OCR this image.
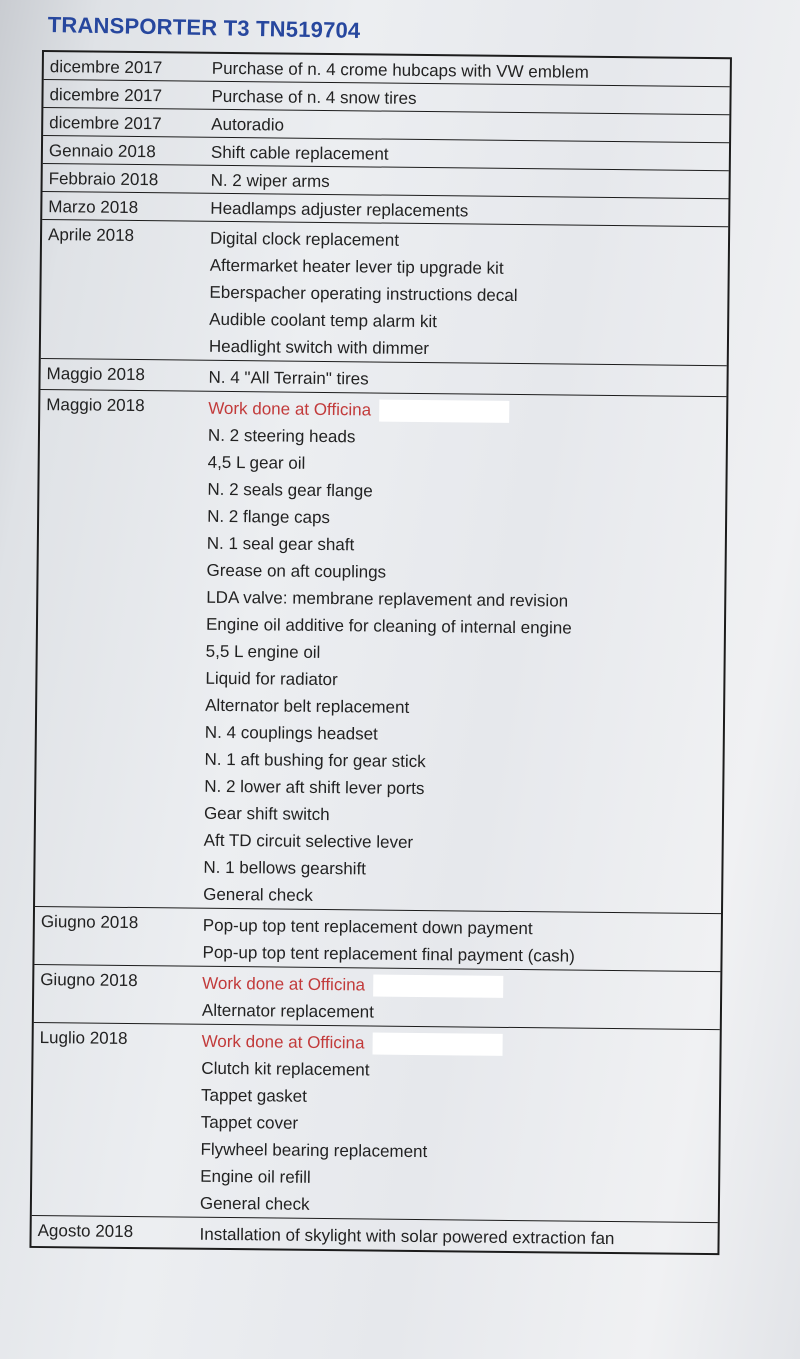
TRANSPORTER T3 TN519704
dicembre 2017	Purchase of n. 4 crome hubcaps with VW emblem
dicembre 2017	Purchase of n. 4 snow tires
dicembre 2017	Autoradio
Gennaio 2018	Shift cable replacement
Febbraio 2018	N. 2 wiper arms
Marzo 2018	Headlamps adjuster replacements
Aprile 2018	Digital clock replacement
Aftermarket heater lever tip upgrade kit
Eberspacher operating instructions decal
Audible coolant temp alarm kit
Headlight switch with dimmer
Maggio 2018	N. 4 "All Terrain" tires
Maggio 2018	Work done at Officina
N. 2 steering heads
4,5 L gear oil
N. 2 seals gear flange
N. 2 flange caps
N. 1 seal gear shaft
Grease on aft couplings
LDA valve: membrane replavement and revision
Engine oil additive for cleaning of internal engine
5,5 L engine oil
Liquid for radiator
Alternator belt replacement
N. 4 couplings headset
N. 1 aft bushing for gear stick
N. 2 lower aft shift lever ports
Gear shift switch
Aft TD circuit selective lever
N. 1 bellows gearshift
General check
Giugno 2018	Pop-up top tent replacement down payment
Pop-up top tent replacement final payment (cash)
Giugno 2018	Work done at Officina
Alternator replacement
Luglio 2018	Work done at Officina
Clutch kit replacement
Tappet gasket
Tappet cover
Flywheel bearing replacement
Engine oil refill
General check
Agosto 2018	Installation of skylight with solar powered extraction fan
